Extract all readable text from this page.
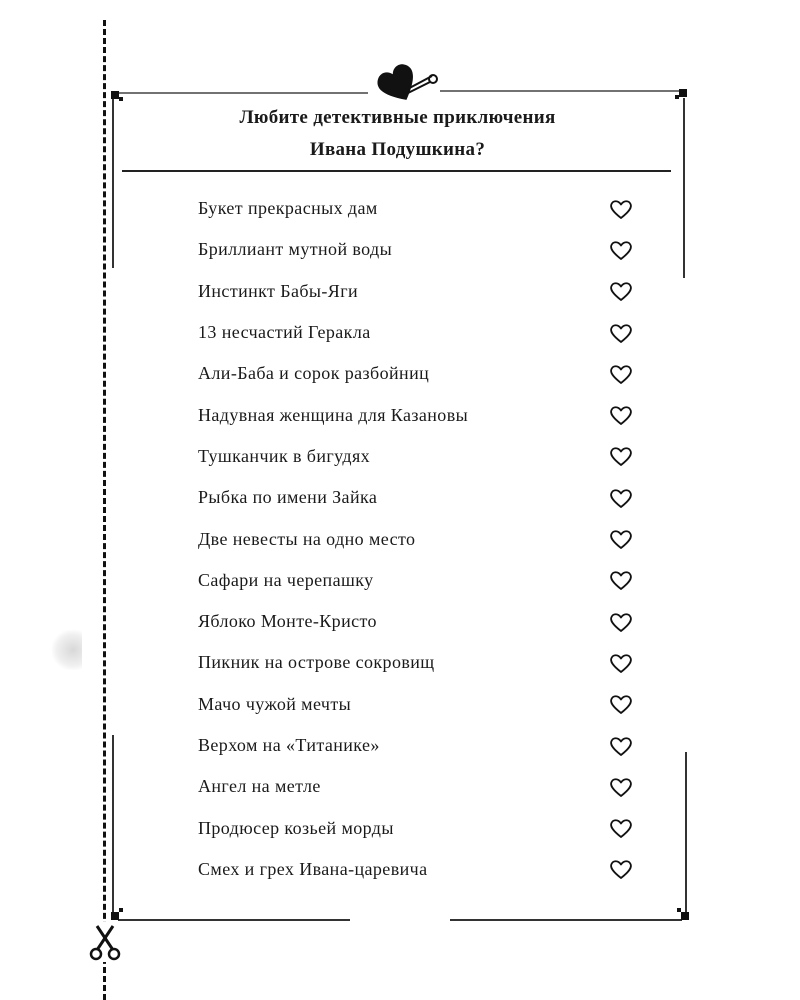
Любите детективные приключения
Ивана Подушкина?
Букет прекрасных дам
Бриллиант мутной воды
Инстинкт Бабы-Яги
13 несчастий Геракла
Али-Баба и сорок разбойниц
Надувная женщина для Казановы
Тушканчик в бигудях
Рыбка по имени Зайка
Две невесты на одно место
Сафари на черепашку
Яблоко Монте-Кристо
Пикник на острове сокровищ
Мачо чужой мечты
Верхом на «Титанике»
Ангел на метле
Продюсер козьей морды
Смех и грех Ивана-царевича
